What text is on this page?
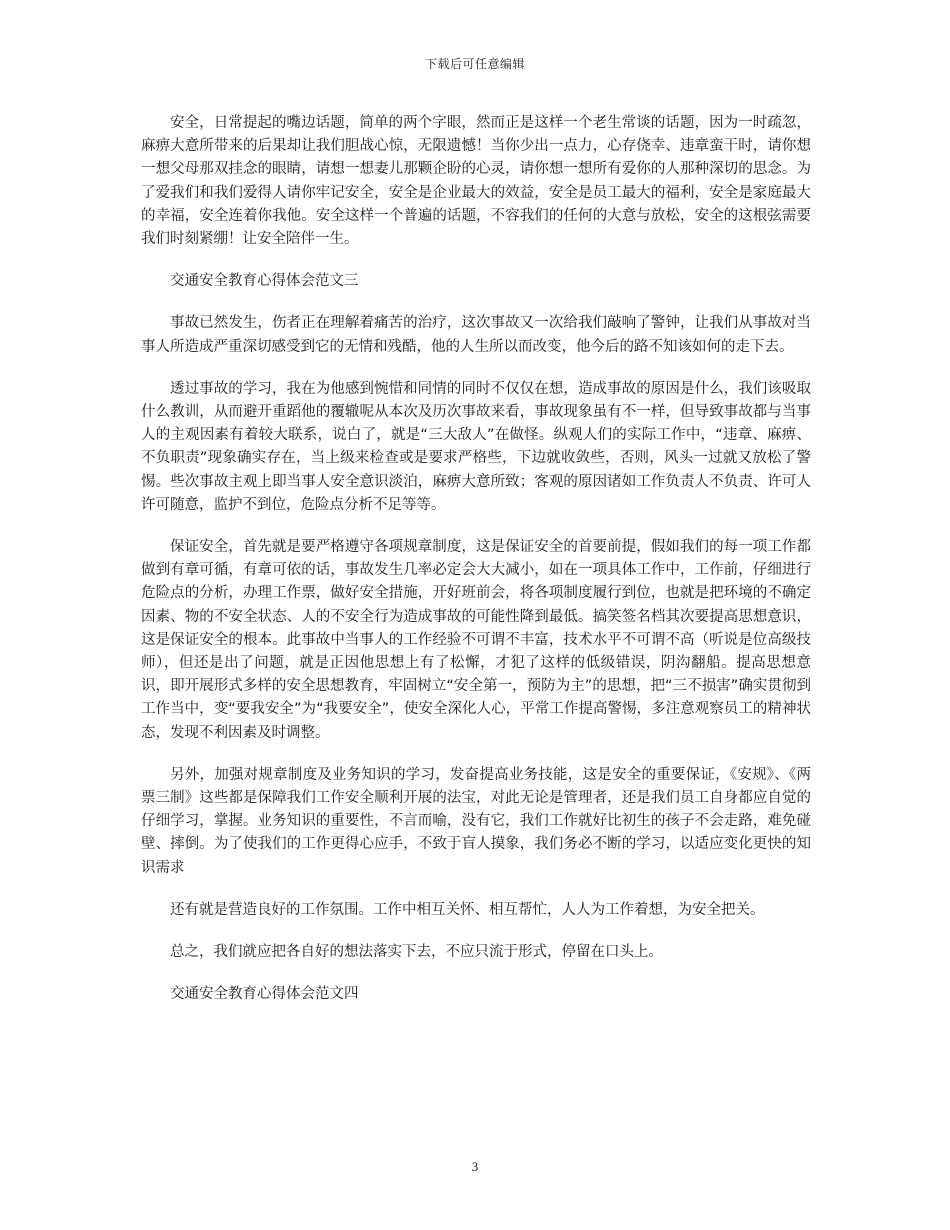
下载后可任意编辑

安全，日常提起的嘴边话题，简单的两个字眼，然而正是这样一个老生常谈的话题，因为一时疏忽，麻痹大意所带来的后果却让我们胆战心惊，无限遗憾！当你少出一点力，心存侥幸、违章蛮干时，请你想一想父母那双挂念的眼睛，请想一想妻儿那颗企盼的心灵，请你想一想所有爱你的人那种深切的思念。为了爱我们和我们爱得人请你牢记安全，安全是企业最大的效益，安全是员工最大的福利，安全是家庭最大的幸福，安全连着你我他。安全这样一个普遍的话题，不容我们的任何的大意与放松，安全的这根弦需要我们时刻紧绷！让安全陪伴一生。

交通安全教育心得体会范文三

事故已然发生，伤者正在理解着痛苦的治疗，这次事故又一次给我们敲响了警钟，让我们从事故对当事人所造成严重深切感受到它的无情和残酷，他的人生所以而改变，他今后的路不知该如何的走下去。

透过事故的学习，我在为他感到惋惜和同情的同时不仅仅在想，造成事故的原因是什么，我们该吸取什么教训，从而避开重蹈他的覆辙呢从本次及历次事故来看，事故现象虽有不一样，但导致事故都与当事人的主观因素有着较大联系，说白了，就是“三大敌人”在做怪。纵观人们的实际工作中，“违章、麻痹、不负职责”现象确实存在，当上级来检查或是要求严格些，下边就收敛些，否则，风头一过就又放松了警惕。些次事故主观上即当事人安全意识淡泊，麻痹大意所致；客观的原因诸如工作负责人不负责、许可人许可随意，监护不到位，危险点分析不足等等。

保证安全，首先就是要严格遵守各项规章制度，这是保证安全的首要前提，假如我们的每一项工作都做到有章可循，有章可依的话，事故发生几率必定会大大减小，如在一项具体工作中，工作前，仔细进行危险点的分析，办理工作票，做好安全措施，开好班前会，将各项制度履行到位，也就是把环境的不确定因素、物的不安全状态、人的不安全行为造成事故的可能性降到最低。搞笑签名档其次要提高思想意识，这是保证安全的根本。此事故中当事人的工作经验不可谓不丰富，技术水平不可谓不高（听说是位高级技师），但还是出了问题，就是正因他思想上有了松懈，才犯了这样的低级错误，阴沟翻船。提高思想意识，即开展形式多样的安全思想教育，牢固树立“安全第一，预防为主”的思想，把“三不损害”确实贯彻到工作当中，变“要我安全”为“我要安全”，使安全深化人心，平常工作提高警惕，多注意观察员工的精神状态，发现不利因素及时调整。

另外，加强对规章制度及业务知识的学习，发奋提高业务技能，这是安全的重要保证，《安规》、《两票三制》这些都是保障我们工作安全顺利开展的法宝，对此无论是管理者，还是我们员工自身都应自觉的仔细学习，掌握。业务知识的重要性，不言而喻，没有它，我们工作就好比初生的孩子不会走路，难免碰壁、摔倒。为了使我们的工作更得心应手，不致于盲人摸象，我们务必不断的学习，以适应变化更快的知识需求

还有就是营造良好的工作氛围。工作中相互关怀、相互帮忙，人人为工作着想，为安全把关。

总之，我们就应把各自好的想法落实下去，不应只流于形式，停留在口头上。

交通安全教育心得体会范文四

3
